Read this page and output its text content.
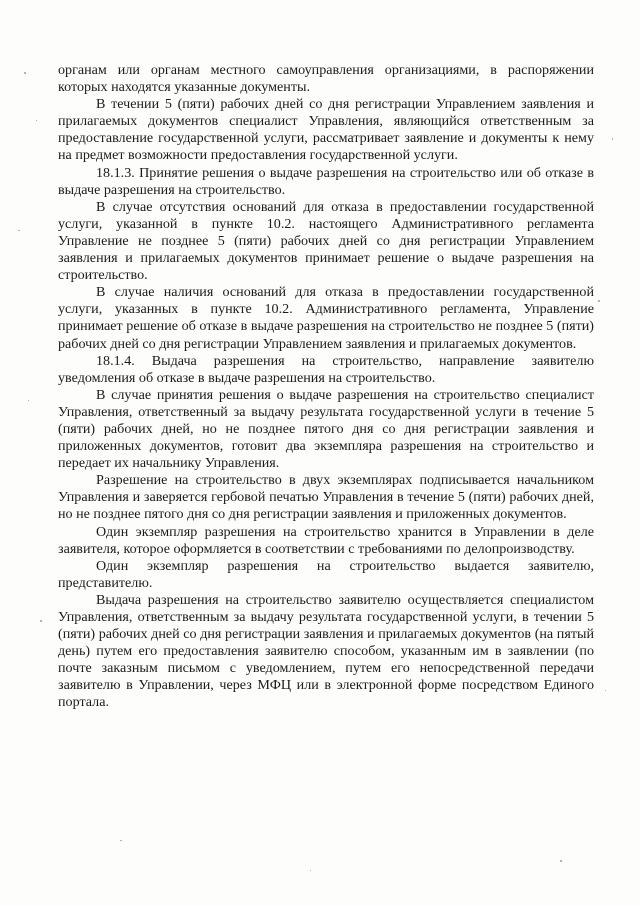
органам или органам местного самоуправления организациями, в распоряжении которых находятся указанные документы.

В течении 5 (пяти) рабочих дней со дня регистрации Управлением заявления и прилагаемых документов специалист Управления, являющийся ответственным за предоставление государственной услуги, рассматривает заявление и документы к нему на предмет возможности предоставления государственной услуги.

18.1.3. Принятие решения о выдаче разрешения на строительство или об отказе в выдаче разрешения на строительство.

В случае отсутствия оснований для отказа в предоставлении государственной услуги, указанной в пункте 10.2. настоящего Административного регламента Управление не позднее 5 (пяти) рабочих дней со дня регистрации Управлением заявления и прилагаемых документов принимает решение о выдаче разрешения на строительство.

В случае наличия оснований для отказа в предоставлении государственной услуги, указанных в пункте 10.2. Административного регламента, Управление принимает решение об отказе в выдаче разрешения на строительство не позднее 5 (пяти) рабочих дней со дня регистрации Управлением заявления и прилагаемых документов.

18.1.4. Выдача разрешения на строительство, направление заявителю уведомления об отказе в выдаче разрешения на строительство.

В случае принятия решения о выдаче разрешения на строительство специалист Управления, ответственный за выдачу результата государственной услуги в течение 5 (пяти) рабочих дней, но не позднее пятого дня со дня регистрации заявления и приложенных документов, готовит два экземпляра разрешения на строительство и передает их начальнику Управления.

Разрешение на строительство в двух экземплярах подписывается начальником Управления и заверяется гербовой печатью Управления в течение 5 (пяти) рабочих дней, но не позднее пятого дня со дня регистрации заявления и приложенных документов.

Один экземпляр разрешения на строительство хранится в Управлении в деле заявителя, которое оформляется в соответствии с требованиями по делопроизводству.

Один экземпляр разрешения на строительство выдается заявителю, представителю.

Выдача разрешения на строительство заявителю осуществляется специалистом Управления, ответственным за выдачу результата государственной услуги, в течении 5 (пяти) рабочих дней со дня регистрации заявления и прилагаемых документов (на пятый день) путем его предоставления заявителю способом, указанным им в заявлении (по почте заказным письмом с уведомлением, путем его непосредственной передачи заявителю в Управлении, через МФЦ или в электронной форме посредством Единого портала.
